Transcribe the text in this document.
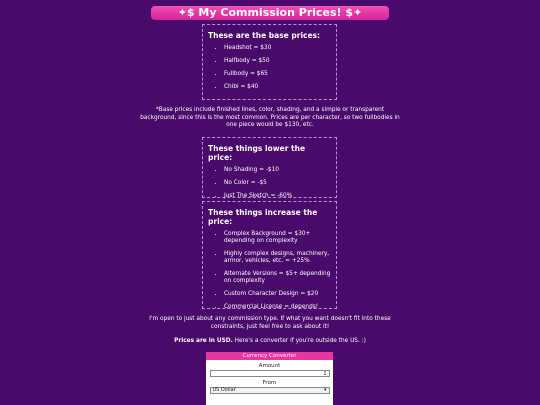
✦$ My Commission Prices! $✦
These are the base prices:
• Headshot = $30
• Halfbody = $50
• Fullbody = $65
• Chibi = $40
*Base prices include finished lines, color, shading, and a simple or transparent background, since this is the most common. Prices are per character, so two fullbodies in one piece would be $130, etc.
These things lower the price:
• No Shading = -$10
• No Color = -$5
• Just The Sketch = -60%
These things increase the price:
• Complex Background = $30+ depending on complexity
• Highly complex designs, machinery, armor, vehicles, etc. = +25%
• Alternate Versions = $5+ depending on complexity
• Custom Character Design = $20
• Commercial License = depends!
I'm open to just about any commission type. If what you want doesn't fit into these constraints, just feel free to ask about it!
Prices are in USD. Here's a converter if you're outside the US. :)
Currency Converter
Amount
1
From
US Dollar	▾
